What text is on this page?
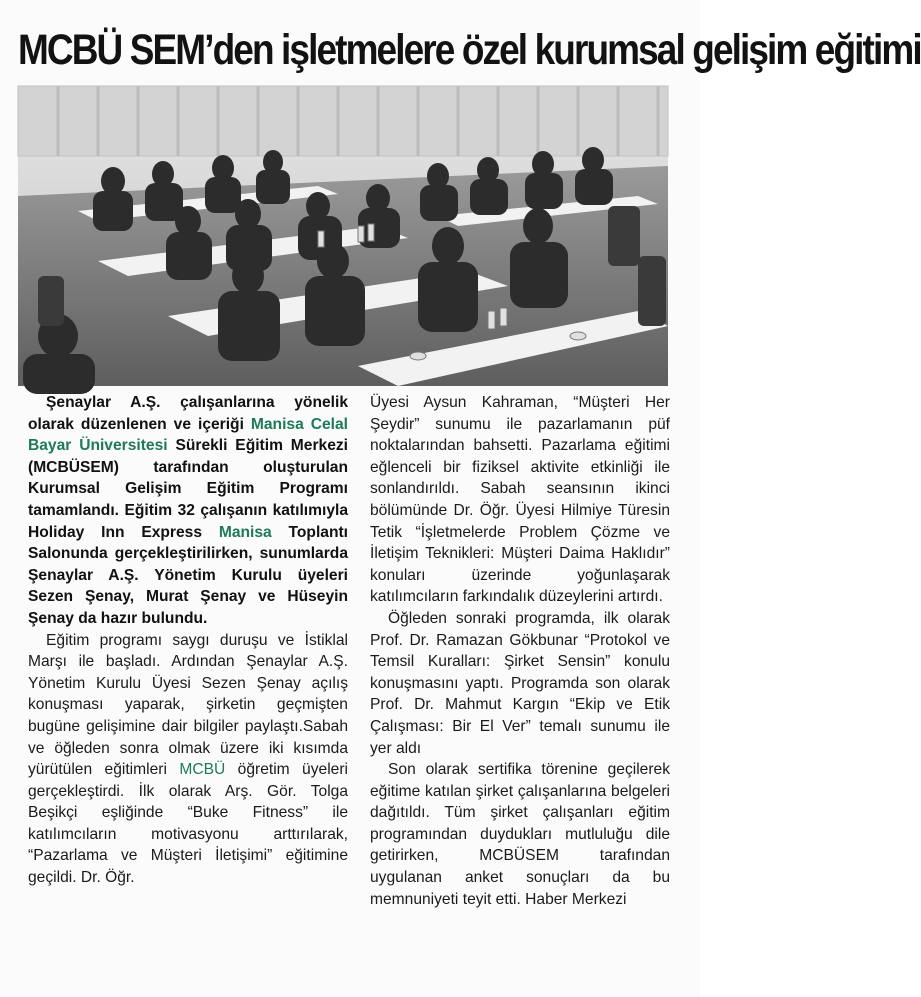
MCBÜ SEM’den işletmelere özel kurumsal gelişim eğitimi

Şenaylar A.Ş. çalışanlarına yönelik olarak düzenlenen ve içeriği Manisa Celal Bayar Üniversitesi Sürekli Eğitim Merkezi (MCBÜSEM) tarafından oluşturulan Kurumsal Gelişim Eğitim Programı tamamlandı. Eğitim 32 çalışanın katılımıyla Holiday Inn Express Manisa Toplantı Salonunda gerçekleştirilirken, sunumlarda Şenaylar A.Ş. Yönetim Kurulu üyeleri Sezen Şenay, Murat Şenay ve Hüseyin Şenay da hazır bulundu.

Eğitim programı saygı duruşu ve İstiklal Marşı ile başladı. Ardından Şenaylar A.Ş. Yönetim Kurulu Üyesi Sezen Şenay açılış konuşması yaparak, şirketin geçmişten bugüne gelişimine dair bilgiler paylaştı.Sabah ve öğleden sonra olmak üzere iki kısımda yürütülen eğitimleri MCBÜ öğretim üyeleri gerçekleştirdi. İlk olarak Arş. Gör. Tolga Beşikçi eşliğinde “Buke Fitness” ile katılımcıların motivasyonu arttırılarak, “Pazarlama ve Müşteri İletişimi” eğitimine geçildi. Dr. Öğr.

Üyesi Aysun Kahraman, “Müşteri Her Şeydir” sunumu ile pazarlamanın püf noktalarından bahsetti. Pazarlama eğitimi eğlenceli bir fiziksel aktivite etkinliği ile sonlandırıldı. Sabah seansının ikinci bölümünde Dr. Öğr. Üyesi Hilmiye Türesin Tetik “İşletmelerde Problem Çözme ve İletişim Teknikleri: Müşteri Daima Haklıdır” konuları üzerinde yoğunlaşarak katılımcıların farkındalık düzeylerini artırdı.

Öğleden sonraki programda, ilk olarak Prof. Dr. Ramazan Gökbunar “Protokol ve Temsil Kuralları: Şirket Sensin” konulu konuşmasını yaptı. Programda son olarak Prof. Dr. Mahmut Kargın “Ekip ve Etik Çalışması: Bir El Ver” temalı sunumu ile yer aldı

Son olarak sertifika törenine geçilerek eğitime katılan şirket çalışanlarına belgeleri dağıtıldı. Tüm şirket çalışanları eğitim programından duydukları mutluluğu dile getirirken, MCBÜSEM tarafından uygulanan anket sonuçları da bu memnuniyeti teyit etti. Haber Merkezi
